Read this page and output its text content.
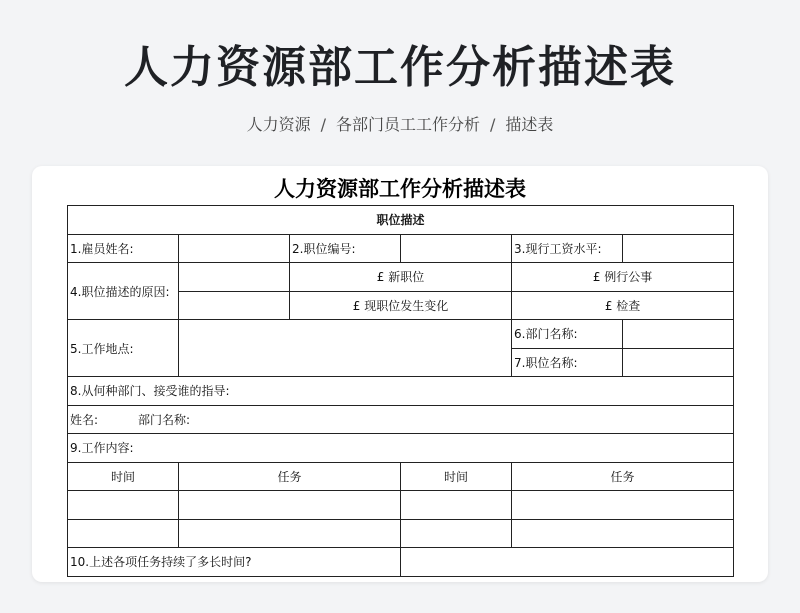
人力资源部工作分析描述表
人力资源 / 各部门员工工作分析 / 描述表
人力资源部工作分析描述表
职位描述					
1.雇员姓名:		2.职位编号:		3.现行工资水平:	
4.职位描述的原因:		£ 新职位		£ 例行公事	
		£ 现职位发生变化		£ 检查	
5.工作地点:				6.部门名称:	
				7.职位名称:	
8.从何种部门、接受谁的指导:					
姓名: 部门名称:					
9.工作内容:					
时间	任务		时间	任务	

10.上述各项任务持续了多长时间?					
